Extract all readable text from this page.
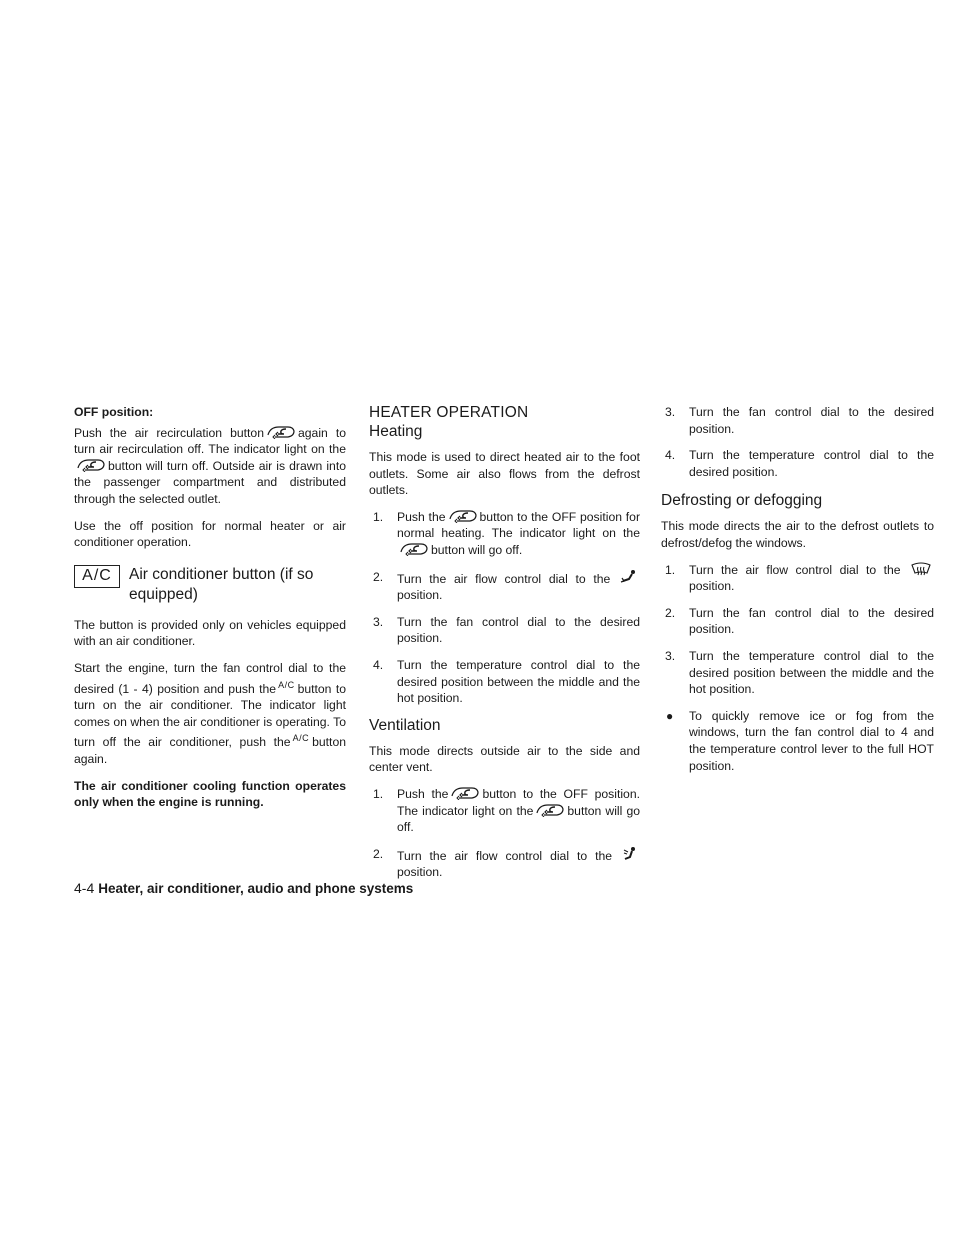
OFF position:

Push the air recirculation button	again to turn air recirculation off. The indicator light on thebutton will turn off. Outside air is drawn into the passenger compartment and distributed through the selected outlet.

Use the off position for normal heater or air conditioner operation.

A/C	Air conditioner button (if so equipped)

The button is provided only on vehicles equipped with an air conditioner.

Start the engine, turn the fan control dial to the desired (1 - 4) position and push the $^{A/C}$ button to turn on the air conditioner. The indicator light comes on when the air conditioner is operating. To turn off the air conditioner, push the $^{A/C}$ button again.

The air conditioner cooling function operates only when the engine is running.

HEATER OPERATION
Heating

This mode is used to direct heated air to the foot outlets. Some air also flows from the defrost outlets.

1. Push the	button to the OFF position for normal heating. The indicator light on thebutton will go off.
2. Turn the air flow control dial to the  position.
3. Turn the fan control dial to the desired position.
4. Turn the temperature control dial to the desired position between the middle and the hot position.
Ventilation

This mode directs outside air to the side and center vent.

1. Push the	button to the OFF position. The indicator light on the	button will go off.
2. Turn the air flow control dial to the  position.
3. Turn the fan control dial to the desired position.
4. Turn the temperature control dial to the desired position.
Defrosting or defogging

This mode directs the air to the defrost outlets to defrost/defog the windows.

1. Turn the air flow control dial to the  position.
2. Turn the fan control dial to the desired position.
3. Turn the temperature control dial to the desired position between the middle and the hot position.
● To quickly remove ice or fog from the windows, turn the fan control dial to 4 and the temperature control lever to the full HOT position.
4-4 Heater, air conditioner, audio and phone systems
